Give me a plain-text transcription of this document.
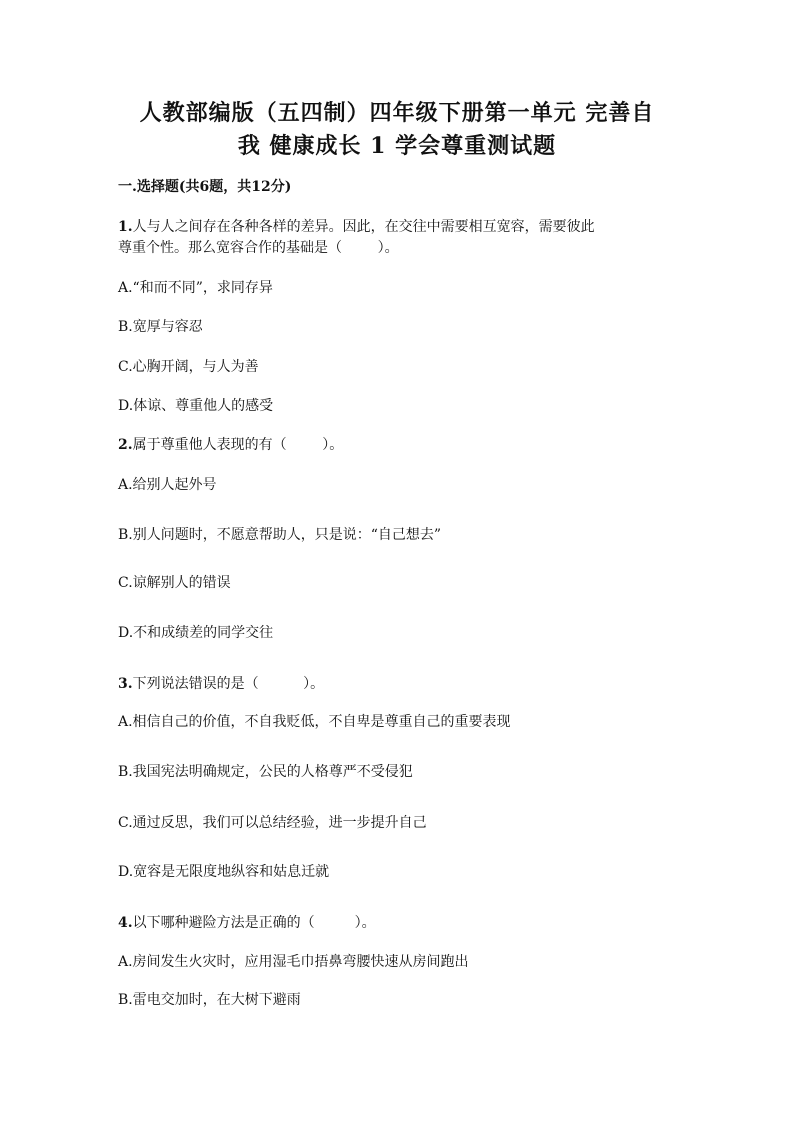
人教部编版（五四制）四年级下册第一单元 完善自
我 健康成长 1 学会尊重测试题
一.选择题(共6题，共12分)
1.人与人之间存在各种各样的差异。因此，在交往中需要相互宽容，需要彼此
尊重个性。那么宽容合作的基础是（        ）。
A.“和而不同”，求同存异
B.宽厚与容忍
C.心胸开阔，与人为善
D.体谅、尊重他人的感受
2.属于尊重他人表现的有（        ）。
A.给别人起外号
B.别人问题时，不愿意帮助人，只是说：“自己想去”
C.谅解别人的错误
D.不和成绩差的同学交往
3.下列说法错误的是（          ）。
A.相信自己的价值，不自我贬低，不自卑是尊重自己的重要表现
B.我国宪法明确规定，公民的人格尊严不受侵犯
C.通过反思，我们可以总结经验，进一步提升自己
D.宽容是无限度地纵容和姑息迁就
4.以下哪种避险方法是正确的（         ）。
A.房间发生火灾时，应用湿毛巾捂鼻弯腰快速从房间跑出
B.雷电交加时，在大树下避雨
